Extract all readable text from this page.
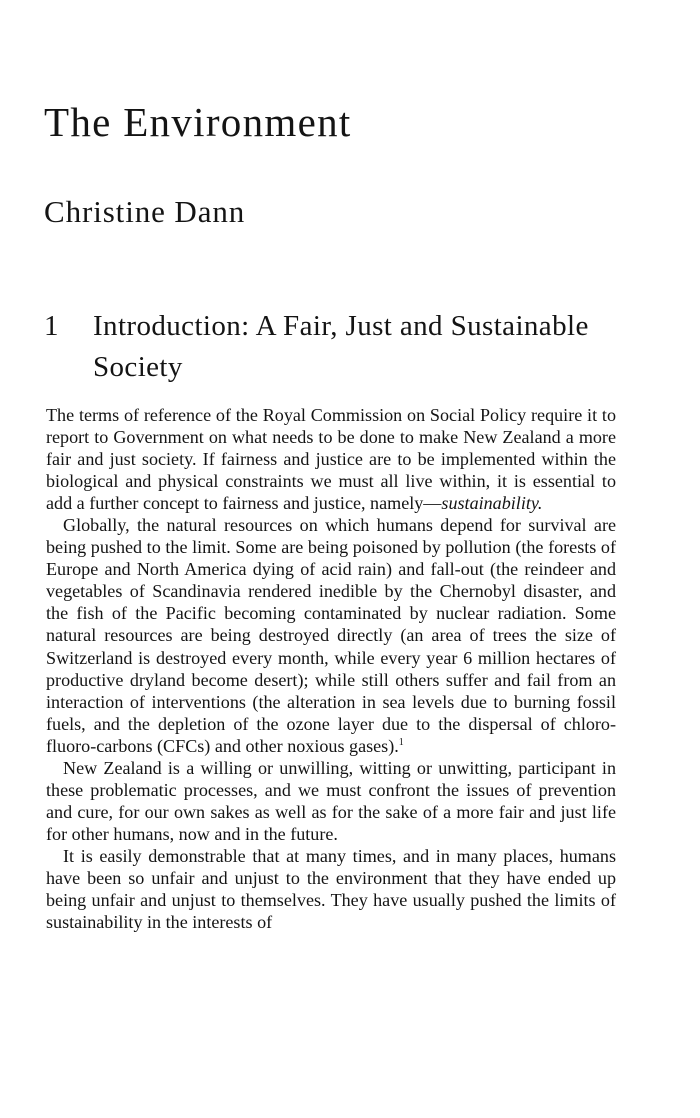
The Environment
Christine Dann
1 Introduction: A Fair, Just and Sustainable Society

The terms of reference of the Royal Commission on Social Policy require it to report to Government on what needs to be done to make New Zealand a more fair and just society. If fairness and justice are to be implemented within the biological and physical constraints we must all live within, it is essential to add a further concept to fairness and justice, namely—sustainability.

Globally, the natural resources on which humans depend for survival are being pushed to the limit. Some are being poisoned by pollution (the forests of Europe and North America dying of acid rain) and fall-out (the reindeer and vegetables of Scandinavia rendered inedible by the Chernobyl disaster, and the fish of the Pacific becoming contaminated by nuclear radiation. Some natural resources are being destroyed directly (an area of trees the size of Switzerland is destroyed every month, while every year 6 million hectares of productive dryland become desert); while still others suffer and fail from an interaction of interventions (the alteration in sea levels due to burning fossil fuels, and the depletion of the ozone layer due to the dispersal of chloro-fluoro-carbons (CFCs) and other noxious gases).$^1$

New Zealand is a willing or unwilling, witting or unwitting, participant in these problematic processes, and we must confront the issues of prevention and cure, for our own sakes as well as for the sake of a more fair and just life for other humans, now and in the future.

It is easily demonstrable that at many times, and in many places, humans have been so unfair and unjust to the environment that they have ended up being unfair and unjust to themselves. They have usually pushed the limits of sustainability in the interests of
